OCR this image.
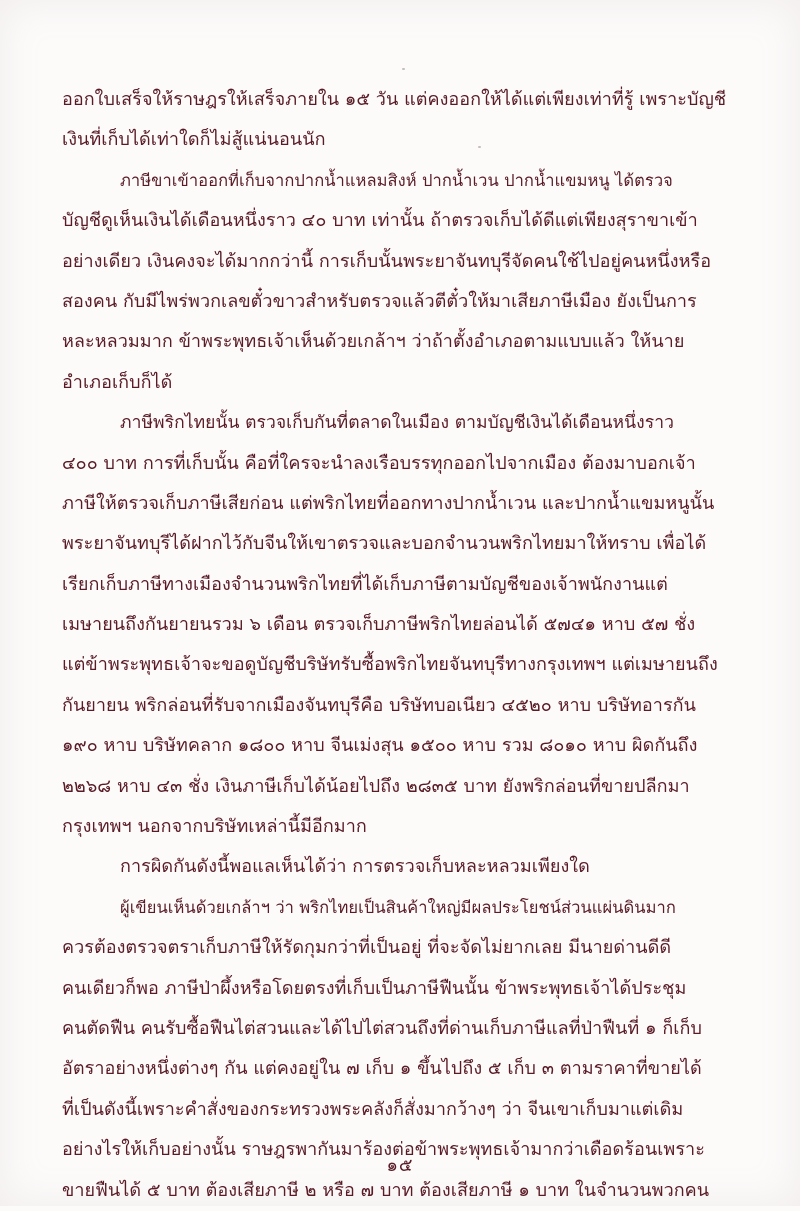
ออกใบเสร็จให้ราษฎรให้เสร็จภายใน ๑๕ วัน แต่คงออกให้ได้แต่เพียงเท่าที่รู้ เพราะบัญชี
เงินที่เก็บได้เท่าใดก็ไม่สู้แน่นอนนัก
ภาษีขาเข้าออกที่เก็บจากปากน้ำแหลมสิงห์ ปากน้ำเวน ปากน้ำแขมหนู ได้ตรวจ
บัญชีดูเห็นเงินได้เดือนหนึ่งราว ๔๐ บาท เท่านั้น ถ้าตรวจเก็บได้ดีแต่เพียงสุราขาเข้า
อย่างเดียว เงินคงจะได้มากกว่านี้ การเก็บนั้นพระยาจันทบุรีจัดคนใช้ไปอยู่คนหนึ่งหรือ
สองคน กับมีไพร่พวกเลขตั๋วขาวสำหรับตรวจแล้วตีตั๋วให้มาเสียภาษีเมือง ยังเป็นการ
หละหลวมมาก ข้าพระพุทธเจ้าเห็นด้วยเกล้าฯ ว่าถ้าตั้งอำเภอตามแบบแล้ว ให้นาย
อำเภอเก็บก็ได้
ภาษีพริกไทยนั้น ตรวจเก็บกันที่ตลาดในเมือง ตามบัญชีเงินได้เดือนหนึ่งราว
๔๐๐ บาท การที่เก็บนั้น คือที่ใครจะนำลงเรือบรรทุกออกไปจากเมือง ต้องมาบอกเจ้า
ภาษีให้ตรวจเก็บภาษีเสียก่อน แต่พริกไทยที่ออกทางปากน้ำเวน และปากน้ำแขมหนูนั้น
พระยาจันทบุรีได้ฝากไว้กับจีนให้เขาตรวจและบอกจำนวนพริกไทยมาให้ทราบ เพื่อได้
เรียกเก็บภาษีทางเมืองจำนวนพริกไทยที่ได้เก็บภาษีตามบัญชีของเจ้าพนักงานแต่
เมษายนถึงกันยายนรวม ๖ เดือน ตรวจเก็บภาษีพริกไทยล่อนได้ ๕๗๔๑ หาบ ๕๗ ชั่ง
แต่ข้าพระพุทธเจ้าจะขอดูบัญชีบริษัทรับซื้อพริกไทยจันทบุรีทางกรุงเทพฯ แต่เมษายนถึง
กันยายน พริกล่อนที่รับจากเมืองจันทบุรีคือ บริษัทบอเนียว ๔๕๒๐ หาบ บริษัทอารกัน
๑๙๐ หาบ บริษัทคลาก ๑๘๐๐ หาบ จีนเม่งสุน ๑๕๐๐ หาบ รวม ๘๐๑๐ หาบ ผิดกันถึง
๒๒๖๘ หาบ ๔๓ ชั่ง เงินภาษีเก็บได้น้อยไปถึง ๒๘๓๕ บาท ยังพริกล่อนที่ขายปลีกมา
กรุงเทพฯ นอกจากบริษัทเหล่านี้มีอีกมาก
การผิดกันดังนี้พอแลเห็นได้ว่า การตรวจเก็บหละหลวมเพียงใด
ผู้เขียนเห็นด้วยเกล้าฯ ว่า พริกไทยเป็นสินค้าใหญ่มีผลประโยชน์ส่วนแผ่นดินมาก
ควรต้องตรวจตราเก็บภาษีให้รัดกุมกว่าที่เป็นอยู่ ที่จะจัดไม่ยากเลย มีนายด่านดีดี
คนเดียวก็พอ ภาษีป่าผึ้งหรือโดยตรงที่เก็บเป็นภาษีฟืนนั้น ข้าพระพุทธเจ้าได้ประชุม
คนตัดฟืน คนรับซื้อฟืนไต่สวนและได้ไปไต่สวนถึงที่ด่านเก็บภาษีแลที่ป่าฟืนที่ ๑ ก็เก็บ
อัตราอย่างหนึ่งต่างๆ กัน แต่คงอยู่ใน ๗ เก็บ ๑ ขึ้นไปถึง ๕ เก็บ ๓ ตามราคาที่ขายได้
ที่เป็นดังนี้เพราะคำสั่งของกระทรวงพระคลังก็สั่งมากว้างๆ ว่า จีนเขาเก็บมาแต่เดิม
อย่างไรให้เก็บอย่างนั้น ราษฎรพากันมาร้องต่อข้าพระพุทธเจ้ามากว่าเดือดร้อนเพราะ
ขายฟืนได้ ๕ บาท ต้องเสียภาษี ๒ หรือ ๗ บาท ต้องเสียภาษี ๑ บาท ในจำนวนพวกคน
๑๕
